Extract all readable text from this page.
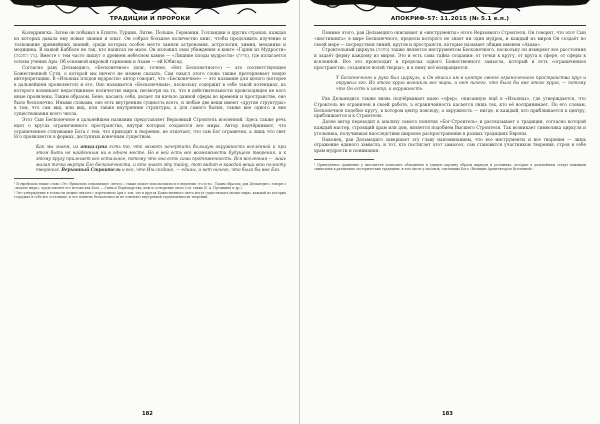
ТРАДИЦИИ И ПРОРОКИ

Колеррингка. Затем он побывал в Египте, Турции, Литве, Польше, Германии, Голландии и других странах, каждая из которых давала ему новые знания и опыт. Он собрал большое количество книг, чтобы продолжить изучение и толкование древнейших знаний, среди которых особое место заняли астрономия, астрология, химия, механика и медицина. В нашей Каббале не так, кто написал не мало. Он изложил свои убеждения в книге «Гарни из Мудрости» (גרני החכמה). Вместе с тем часто пишут о древнем небесном камне — «Лишние плоды мудрости» (פירות), где излагается основа учения Ари. Об основной мировой гармонии и Ахаве — ей Юбигад.

Согласно раву Дельмедиго, «Бесконечное» (или, точнее, «Нет Бесконечного») — это соответствующее Божественной Сути, о которой мы ничего не можем сказать. Сам смысл этого слова также претерпевает новую интерпретацию. В «Изъянах плодов мудрости» автор говорит, что «Бесконечное» — это название для целого (которое в дальнейшем проявляется) и его, Оно называется «Бесконечным», поскольку содержит в себе такой потенциал, из которого возникает недостижимое количество миров, несмотря на то, что в действительности происходящее не кого иные проявлены. Таким образом, Бене, касаясь себя, делает ли начало данной сферы во времени и пространстве, оно было бесконечно. Иными словами, оно есть внутренняя сущность всего, и любые две вещи имеют «другие структуры» в том, что сам вид, или вид, или также внутренние структуры, а для самого бытия, также вне одного и вне существования всего числа.

Этот Сын Бесконечное в дальнейшем названии представляет Верховный Строитель вселенной. Здесь также речь идет о кругах ограниченного пространства, внутри которых создаются все миры. Автор подчёркивает, что ограниченное стягивание Бога с тем, что приходит в творение, не означает, что сам Бог ограничен, а лишь что свет Его проявляется в формах, доступных конечным существам.

Как мы знаем, из атцилута есть то, что может начертить большую окружность вселенной и при этом быть не найденным ни в одном месте. Но в ней есть все возможности будущего творения, и к этому кругу прилегает все остальное, потому что она есть сама протяженность. Вся вселенная — лишь малая точка внутри Его бесконечности, и кто знает эту тайну, тот видит в каждой вещи всю полноту творения. Верховный Строитель и все, что Им создано, — едины, и нет ничего, что было бы вне Его.

¹ В еврейском языке слово «Эт» буквально означающее «нечто», также может использоваться в значении «то есть». Таким образом, рав Дельмедиго, говоря о «начале мира», представляет его истоки как Бога — Сына и Первоцарства, неж и сотворение оного (см. также В. А. Пуговкина и др.).

² Это утверждение в точности можно связать с изречением Ари о том, что в кругах Божественного света могут существовать малые миры, каждый из которых содержит в себе все остальные, и что понятие бесконечности не отменяет внутренней ограниченности творений.

182
АПОКРИФ-57: 11.2015 (№ 5.1 е.п.)

Помимо этого, рав Дельмедиго описывает и «инструменты» этого Верховного Строителя. Он говорит, что этот Сын «шестикнига» в мире Бесконечного, пределы которого не знает ни один мудрец, и каждый из миров Он создаёт по своей мере — посредством линий, кругов и пространств, которые называет общим именем «Ахава».

Строительный циркуль (מחוגה) также является инструментом Бесконечного, поскольку он измеряет все расстояния и задаёт форму каждому из миров. Это и есть сама тайна создания: от точки к кругу, от круга к сфере, от сферы к вселенной. Все это происходит в пределах одного Божественного замысла, который и есть «ограниченное пространство, созданное волей творца», и к нему всё возвращается.

У Бесконечного и руки был циркуль, и Он вписал им в центре своего ограниченного пространства круг и окружил его. Из этого круга возникли все миры, и нет ничего, что было бы вне этого круга, — потому что Он есть и центр, и окружность.

Рав Дельмедиго также вновь подчёркивает идею «сфер», описанную ещё в «Изъянах», где утверждается, что Строитель не ограничен в своей работе, а ограниченность касается лишь тех, кто её воспринимает. По его словам, Бесконечное подобно кругу, в котором центр повсюду, а окружность — нигде, и каждый, кто приближается к центру, приближается и к Строителю.

Далее автор переходит к анализу самого понятия «Бог-Строитель» и рассказывает о традиции, согласно которой каждый мастер, строящий храм или дом, является подобием Высшего Строителя. Так возникает символика циркуля и угольника, получившая впоследствии широкое распространение в разных традициях Европы.

Наконец, рав Дельмедиго завершает эту главу напоминанием, что все инструменты и все творения — лишь отражение единого замысла, и тот, кто постигает этот замысел, сам становится участником творения, строя в себе храм мудрости и понимания.

¹ Приведённое сравнение у мыслителя позволяет объединить в единую картину образы циркуля и угольника, которые в дальнейшем станут важными символами в различных эзотерических традициях, в том числе у масонов, считавших Бога «Великим Архитектором Вселенной».

183
